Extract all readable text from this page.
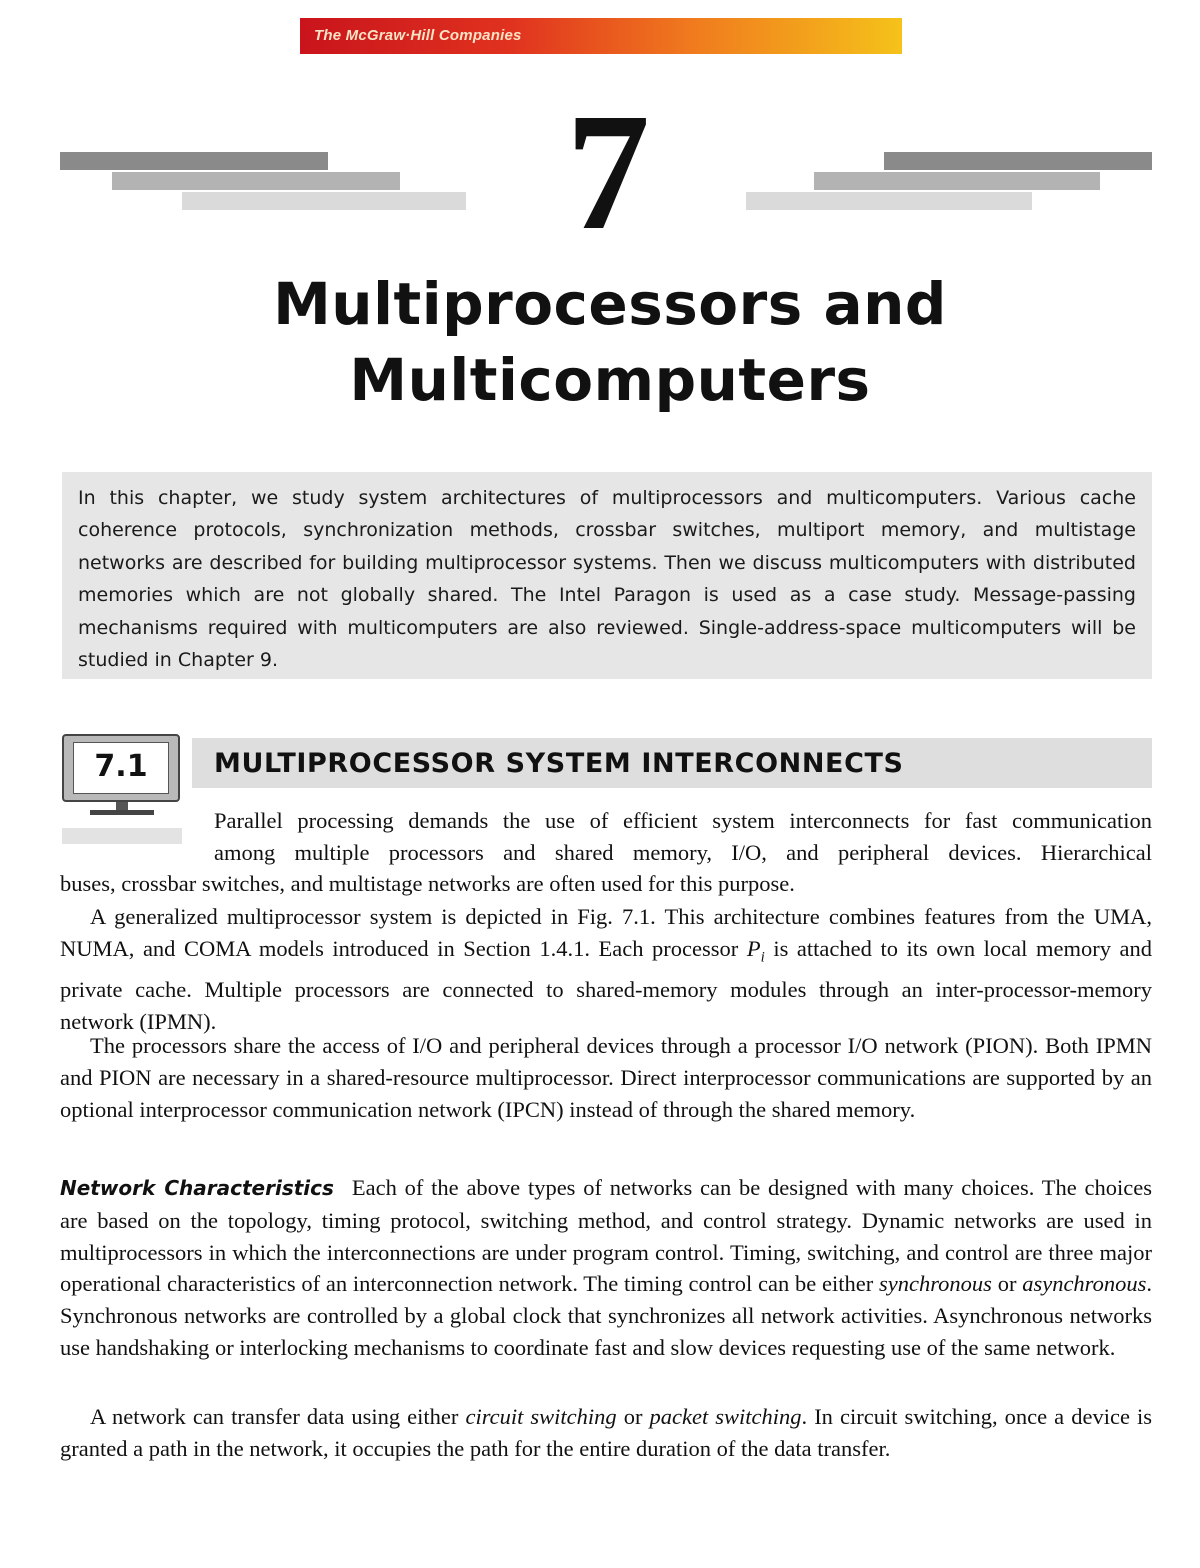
The McGraw·Hill Companies
7
Multiprocessors and
Multicomputers
In this chapter, we study system architectures of multiprocessors and multicomputers. Various cache coherence protocols, synchronization methods, crossbar switches, multiport memory, and multistage networks are described for building multiprocessor systems. Then we discuss multicomputers with distributed memories which are not globally shared. The Intel Paragon is used as a case study. Message-passing mechanisms required with multicomputers are also reviewed. Single-address-space multicomputers will be studied in Chapter 9.
7.1	MULTIPROCESSOR SYSTEM INTERCONNECTS
Parallel processing demands the use of efficient system interconnects for fast communication
among multiple processors and shared memory, I/O, and peripheral devices. Hierarchical
buses, crossbar switches, and multistage networks are often used for this purpose.

A generalized multiprocessor system is depicted in Fig. 7.1. This architecture combines features from the UMA, NUMA, and COMA models introduced in Section 1.4.1. Each processor $P_i$ is attached to its own local memory and private cache. Multiple processors are connected to shared-memory modules through an inter-processor-memory network (IPMN).

The processors share the access of I/O and peripheral devices through a processor I/O network (PION). Both IPMN and PION are necessary in a shared-resource multiprocessor. Direct interprocessor communications are supported by an optional interprocessor communication network (IPCN) instead of through the shared memory.

Network Characteristics Each of the above types of networks can be designed with many choices. The choices are based on the topology, timing protocol, switching method, and control strategy. Dynamic networks are used in multiprocessors in which the interconnections are under program control. Timing, switching, and control are three major operational characteristics of an interconnection network. The timing control can be either synchronous or asynchronous. Synchronous networks are controlled by a global clock that synchronizes all network activities. Asynchronous networks use handshaking or interlocking mechanisms to coordinate fast and slow devices requesting use of the same network.

A network can transfer data using either circuit switching or packet switching. In circuit switching, once a device is granted a path in the network, it occupies the path for the entire duration of the data transfer.
